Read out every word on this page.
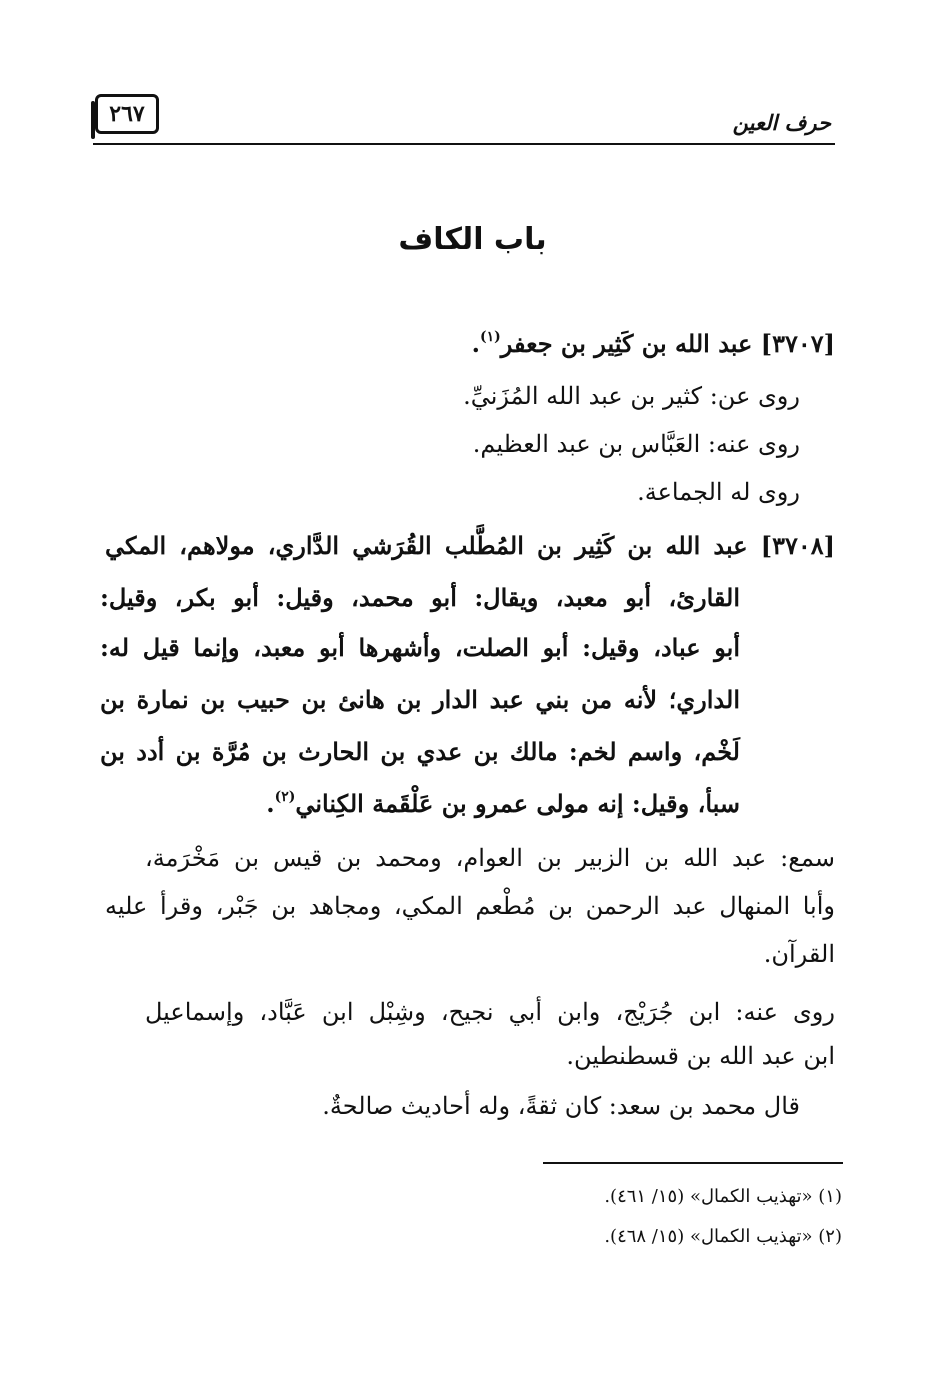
حرف العين
٢٦٧
باب الكاف
[٣٧٠٧] عبد الله بن كَثِير بن جعفر$^{(١)}$.
روى عن: كثير بن عبد الله المُزَنيِّ.
روى عنه: العَبَّاس بن عبد العظيم.
روى له الجماعة.
[٣٧٠٨] عبد الله بن كَثِير بن المُطَّلب القُرَشي الدَّاري، مولاهم، المكي
القارئ، أبو معبد، ويقال: أبو محمد، وقيل: أبو بكر، وقيل:
أبو عباد، وقيل: أبو الصلت، وأشهرها أبو معبد، وإنما قيل له:
الداري؛ لأنه من بني عبد الدار بن هانئ بن حبيب بن نمارة بن
لَخْم، واسم لخم: مالك بن عدي بن الحارث بن مُرَّة بن أدد بن
سبأ، وقيل: إنه مولى عمرو بن عَلْقَمة الكِناني$^{(٢)}$.
سمع: عبد الله بن الزبير بن العوام، ومحمد بن قيس بن مَخْرَمة،
وأبا المنهال عبد الرحمن بن مُطْعم المكي، ومجاهد بن جَبْر، وقرأ عليه
القرآن.
روى عنه: ابن جُرَيْج، وابن أبي نجيح، وشِبْل ابن عَبَّاد، وإسماعيل
ابن عبد الله بن قسطنطين.
قال محمد بن سعد: كان ثقةً، وله أحاديث صالحةٌ.
(١) «تهذيب الكمال» (١٥/ ٤٦١).
(٢) «تهذيب الكمال» (١٥/ ٤٦٨).
